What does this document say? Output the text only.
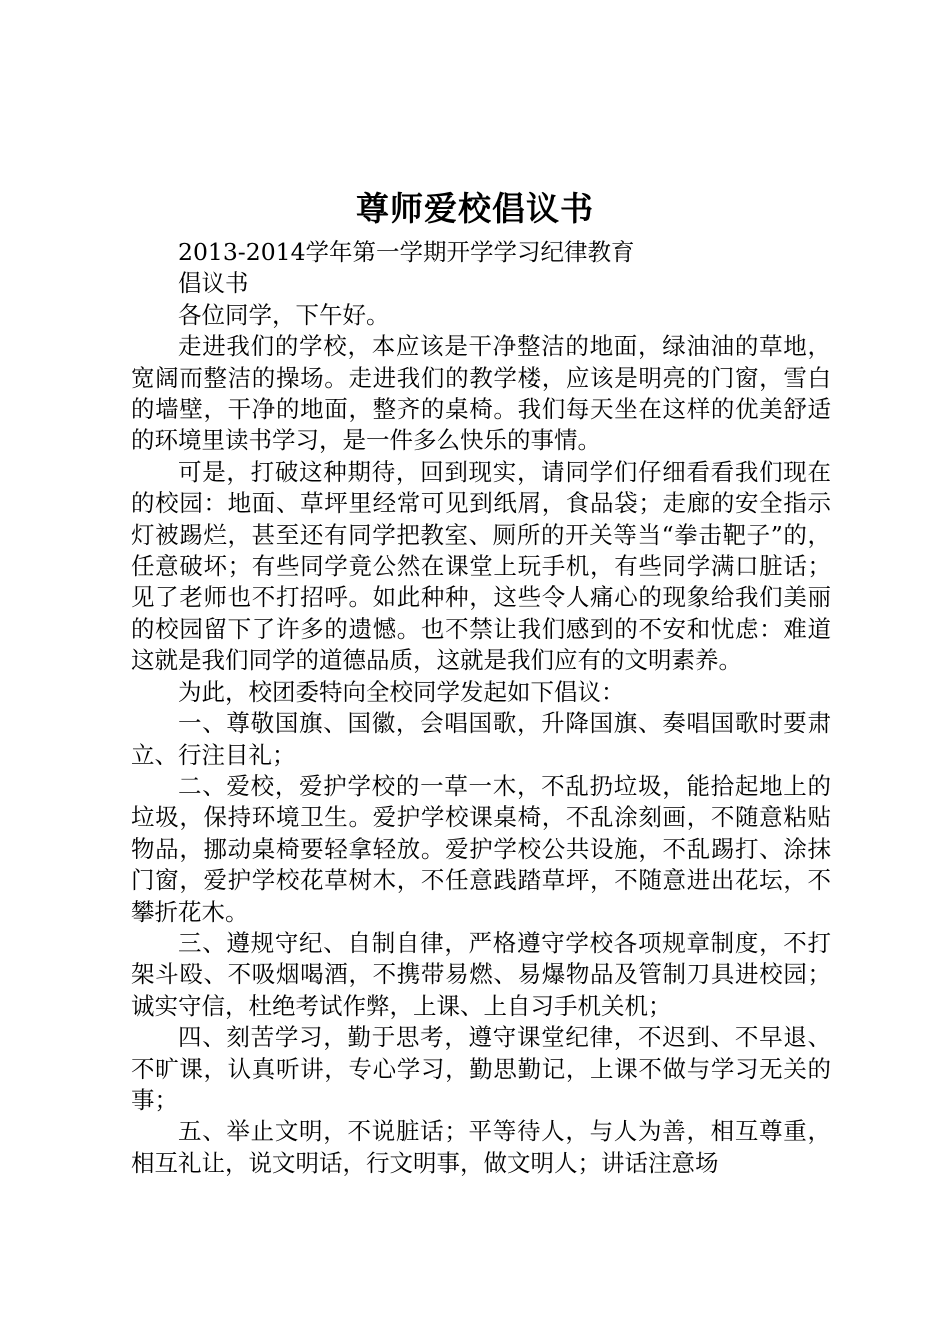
尊师爱校倡议书

2013-2014学年第一学期开学学习纪律教育

倡议书

各位同学，下午好。

走进我们的学校，本应该是干净整洁的地面，绿油油的草地，宽阔而整洁的操场。走进我们的教学楼，应该是明亮的门窗，雪白的墙壁，干净的地面，整齐的桌椅。我们每天坐在这样的优美舒适的环境里读书学习，是一件多么快乐的事情。

可是，打破这种期待，回到现实，请同学们仔细看看我们现在的校园：地面、草坪里经常可见到纸屑，食品袋；走廊的安全指示灯被踢烂，甚至还有同学把教室、厕所的开关等当“拳击靶子”的，任意破坏；有些同学竟公然在课堂上玩手机，有些同学满口脏话；见了老师也不打招呼。如此种种，这些令人痛心的现象给我们美丽的校园留下了许多的遗憾。也不禁让我们感到的不安和忧虑：难道这就是我们同学的道德品质，这就是我们应有的文明素养。

为此，校团委特向全校同学发起如下倡议：

一、尊敬国旗、国徽，会唱国歌，升降国旗、奏唱国歌时要肃立、行注目礼；

二、爱校，爱护学校的一草一木，不乱扔垃圾，能拾起地上的垃圾，保持环境卫生。爱护学校课桌椅，不乱涂刻画，不随意粘贴物品，挪动桌椅要轻拿轻放。爱护学校公共设施，不乱踢打、涂抹门窗，爱护学校花草树木，不任意践踏草坪，不随意进出花坛，不攀折花木。

三、遵规守纪、自制自律，严格遵守学校各项规章制度，不打架斗殴、不吸烟喝酒，不携带易燃、易爆物品及管制刀具进校园；诚实守信，杜绝考试作弊，上课、上自习手机关机；

四、刻苦学习，勤于思考，遵守课堂纪律，不迟到、不早退、不旷课，认真听讲，专心学习，勤思勤记，上课不做与学习无关的事；

五、举止文明，不说脏话；平等待人，与人为善，相互尊重，相互礼让，说文明话，行文明事，做文明人；讲话注意场
